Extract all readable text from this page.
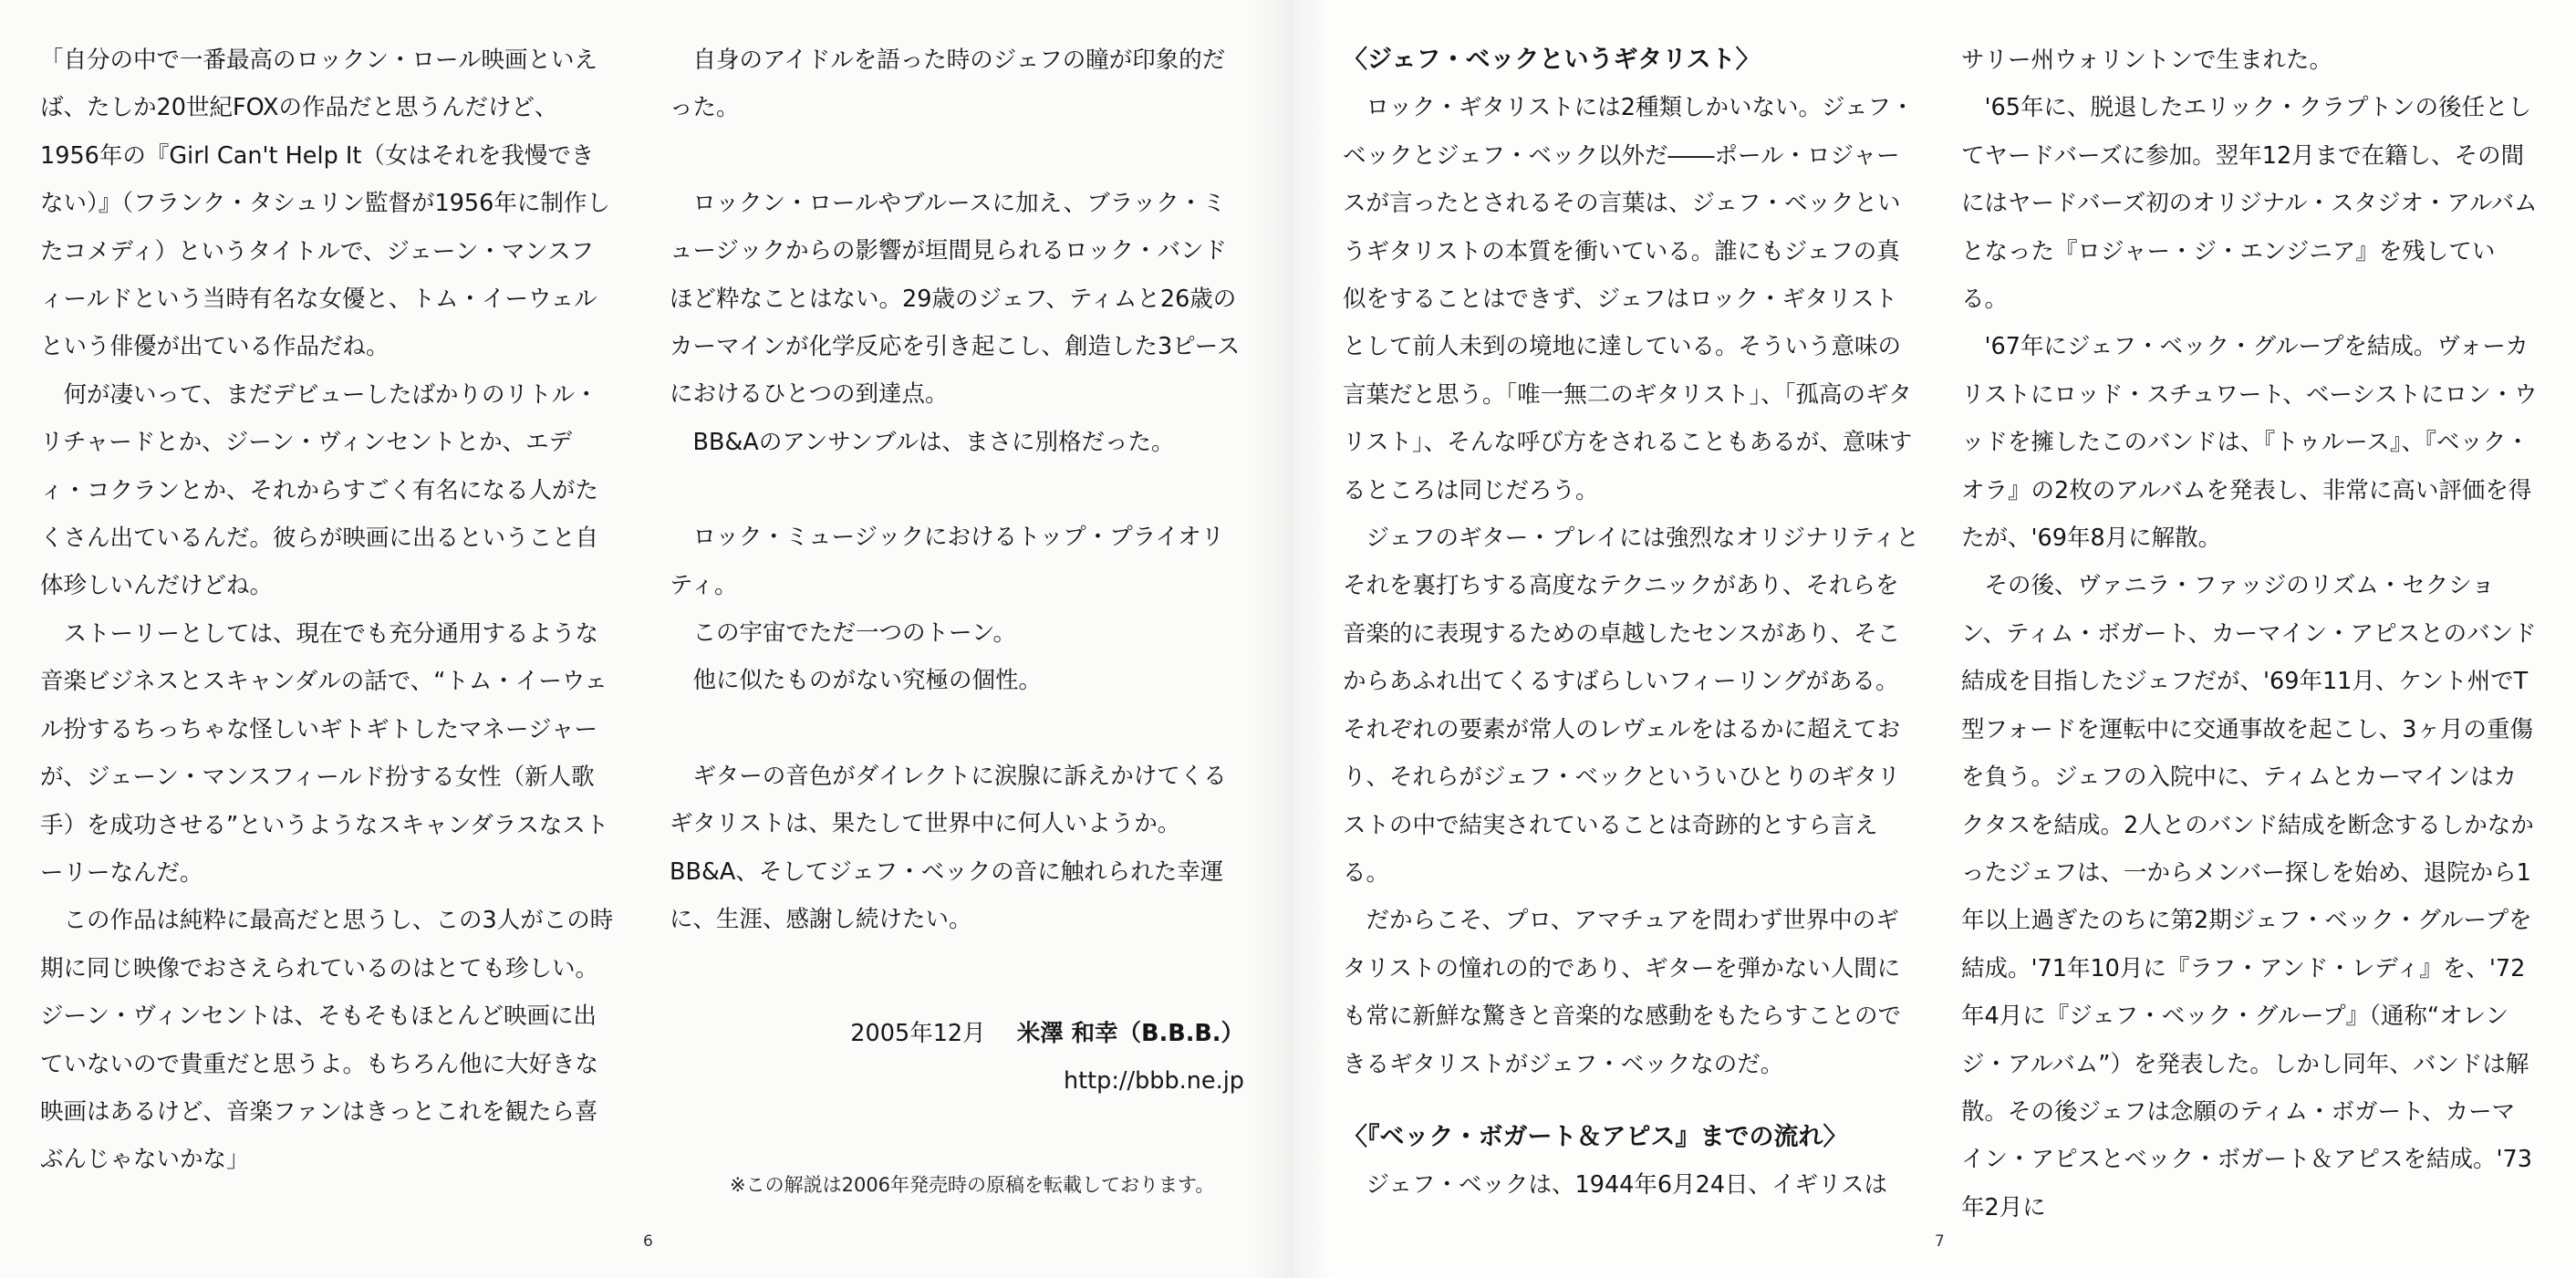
「自分の中で一番最高のロックン・ロール映画といえば、たしか20世紀FOXの作品だと思うんだけど、1956年の『Girl Can't Help It（女はそれを我慢できない）』（フランク・タシュリン監督が1956年に制作したコメディ）というタイトルで、ジェーン・マンスフィールドという当時有名な女優と、トム・イーウェルという俳優が出ている作品だね。

何が凄いって、まだデビューしたばかりのリトル・リチャードとか、ジーン・ヴィンセントとか、エディ・コクランとか、それからすごく有名になる人がたくさん出ているんだ。彼らが映画に出るということ自体珍しいんだけどね。

ストーリーとしては、現在でも充分通用するような音楽ビジネスとスキャンダルの話で、“トム・イーウェル扮するちっちゃな怪しいギトギトしたマネージャーが、ジェーン・マンスフィールド扮する女性（新人歌手）を成功させる”というようなスキャンダラスなストーリーなんだ。

この作品は純粋に最高だと思うし、この3人がこの時期に同じ映像でおさえられているのはとても珍しい。ジーン・ヴィンセントは、そもそもほとんど映画に出ていないので貴重だと思うよ。もちろん他に大好きな映画はあるけど、音楽ファンはきっとこれを観たら喜ぶんじゃないかな」

自身のアイドルを語った時のジェフの瞳が印象的だった。

ロックン・ロールやブルースに加え、ブラック・ミュージックからの影響が垣間見られるロック・バンドほど粋なことはない。29歳のジェフ、ティムと26歳のカーマインが化学反応を引き起こし、創造した3ピースにおけるひとつの到達点。

BB&Aのアンサンブルは、まさに別格だった。

ロック・ミュージックにおけるトップ・プライオリティ。

この宇宙でただ一つのトーン。

他に似たものがない究極の個性。

ギターの音色がダイレクトに涙腺に訴えかけてくるギタリストは、果たして世界中に何人いようか。BB&A、そしてジェフ・ベックの音に触れられた幸運に、生涯、感謝し続けたい。

2005年12月 米澤 和幸（B.B.B.）
http://bbb.ne.jp
※この解説は2006年発売時の原稿を転載しております。
6
〈ジェフ・ベックというギタリスト〉

ロック・ギタリストには2種類しかいない。ジェフ・ベックとジェフ・ベック以外だ――ポール・ロジャースが言ったとされるその言葉は、ジェフ・ベックというギタリストの本質を衝いている。誰にもジェフの真似をすることはできず、ジェフはロック・ギタリストとして前人未到の境地に達している。そういう意味の言葉だと思う。「唯一無二のギタリスト」、「孤高のギタリスト」、そんな呼び方をされることもあるが、意味するところは同じだろう。

ジェフのギター・プレイには強烈なオリジナリティとそれを裏打ちする高度なテクニックがあり、それらを音楽的に表現するための卓越したセンスがあり、そこからあふれ出てくるすばらしいフィーリングがある。それぞれの要素が常人のレヴェルをはるかに超えており、それらがジェフ・ベックといういひとりのギタリストの中で結実されていることは奇跡的とすら言える。

だからこそ、プロ、アマチュアを問わず世界中のギタリストの憧れの的であり、ギターを弾かない人間にも常に新鮮な驚きと音楽的な感動をもたらすことのできるギタリストがジェフ・ベックなのだ。

〈『ベック・ボガート＆アピス』までの流れ〉

ジェフ・ベックは、1944年6月24日、イギリスは

サリー州ウォリントンで生まれた。

'65年に、脱退したエリック・クラプトンの後任としてヤードバーズに参加。翌年12月まで在籍し、その間にはヤードバーズ初のオリジナル・スタジオ・アルバムとなった『ロジャー・ジ・エンジニア』を残している。

'67年にジェフ・ベック・グループを結成。ヴォーカリストにロッド・スチュワート、ベーシストにロン・ウッドを擁したこのバンドは、『トゥルース』、『ベック・オラ』の2枚のアルバムを発表し、非常に高い評価を得たが、'69年8月に解散。

その後、ヴァニラ・ファッジのリズム・セクション、ティム・ボガート、カーマイン・アピスとのバンド結成を目指したジェフだが、'69年11月、ケント州でT型フォードを運転中に交通事故を起こし、3ヶ月の重傷を負う。ジェフの入院中に、ティムとカーマインはカクタスを結成。2人とのバンド結成を断念するしかなかったジェフは、一からメンバー探しを始め、退院から1年以上過ぎたのちに第2期ジェフ・ベック・グループを結成。'71年10月に『ラフ・アンド・レディ』を、'72年4月に『ジェフ・ベック・グループ』（通称“オレンジ・アルバム”）を発表した。しかし同年、バンドは解散。その後ジェフは念願のティム・ボガート、カーマイン・アピスとベック・ボガート＆アピスを結成。'73年2月に

7
